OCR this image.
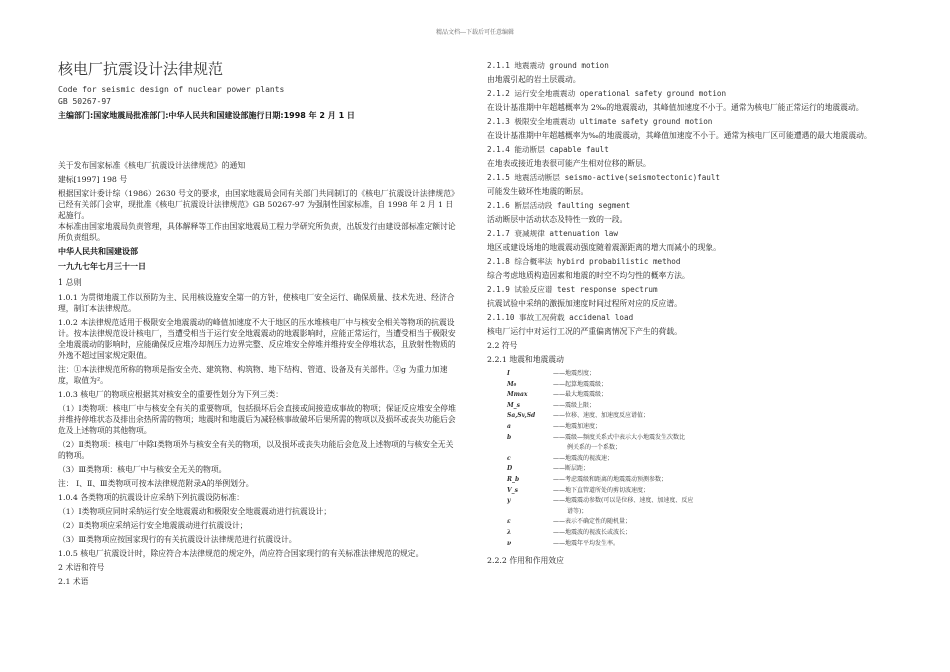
精品文档---下载后可任意编辑
核电厂抗震设计法律规范
Code for seismic design of nuclear power plants
GB 50267-97
主编部门:国家地震局批准部门:中华人民共和国建设部施行日期:1998 年 2 月 1 日

关于发布国家标准《核电厂抗震设计法律规范》的通知

建标[1997] 198 号

根据国家计委计综（1986）2630 号文的要求，由国家地震局会同有关部门共同制订的《核电厂抗震设计法律规范》已经有关部门会审，现批准《核电厂抗震设计法律规范》GB 50267-97 为强制性国家标准，自 1998 年 2 月 1 日起施行。

本标准由国家地震局负责管理，具体解释等工作由国家地震局工程力学研究所负责，出版发行由建设部标准定额讨论所负责组织。

中华人民共和国建设部
一九九七年七月三十一日

1 总则

1.0.1 为贯彻地震工作以预防为主、民用核设施安全第一的方针，使核电厂安全运行、确保质量、技术先进、经济合理，制订本法律规范。

1.0.2 本法律规范适用于极限安全地震震动的峰值加速度不大于地区的压水堆核电厂中与核安全相关等物项的抗震设计。按本法律规范设计核电厂，当遭受相当于运行安全地震震动的地震影响时，应能正常运行，当遭受相当于极限安全地震震动的影响时，应能确保反应堆冷却剂压力边界完整、反应堆安全停堆并维持安全停堆状态，且放射性物质的外逸不超过国家规定限值。

注：①本法律规范所称的物项是指安全壳、建筑物、构筑物、地下结构、管道、设备及有关部件。②g 为重力加速度，取值为²。

1.0.3 核电厂的物项应根据其对核安全的重要性划分为下列三类：

（1）Ⅰ类物项：核电厂中与核安全有关的重要物项，包括损坏后会直接或间接造成事故的物项；保证反应堆安全停堆并维持停堆状态及排出余热所需的物项；地震时和地震后为减轻核事故破坏后果所需的物项以及损坏或丧失功能后会危及上述物项的其他物项。

（2）Ⅱ类物项：核电厂中除Ⅰ类物项外与核安全有关的物项，以及损坏或丧失功能后会危及上述物项的与核安全无关的物项。

（3）Ⅲ类物项：核电厂中与核安全无关的物项。

注： Ⅰ、Ⅱ、Ⅲ类物项可按本法律规范附录A的举例划分。

1.0.4 各类物项的抗震设计应采纳下列抗震设防标准：

（1）Ⅰ类物项应同时采纳运行安全地震震动和极限安全地震震动进行抗震设计；

（2）Ⅱ类物项应采纳运行安全地震震动进行抗震设计；

（3）Ⅲ类物项应按国家现行的有关抗震设计法律规范进行抗震设计。

1.0.5 核电厂抗震设计时，除应符合本法律规范的规定外，尚应符合国家现行的有关标准法律规范的规定。

2 术语和符号

2.1 术语

2.1.1 地震震动 ground motion

由地震引起的岩土层震动。

2.1.2 运行安全地震震动 operational safety ground motion

在设计基准期中年超越概率为 2‰的地震震动，其峰值加速度不小于。通常为核电厂能正常运行的地震震动。

2.1.3 极限安全地震震动 ultimate safety ground motion

在设计基准期中年超越概率为‰的地震震动，其峰值加速度不小于。通常为核电厂区可能遭遇的最大地震震动。

2.1.4 能动断层 capable fault

在地表或接近地表很可能产生相对位移的断层。

2.1.5 地震活动断层 seismo-active(seismotectonic)fault

可能发生破坏性地震的断层。

2.1.6 断层活动段 faulting segment

活动断层中活动状态及特性一致的一段。

2.1.7 衰减规律 attenuation law

地区或建设场地的地震震动强度随着震源距离的增大而减小的现象。

2.1.8 综合概率法 hybird probabilistic method

综合考虑地质构造因素和地震的时空不均匀性的概率方法。

2.1.9 试验反应谱 test response spectrum

抗震试验中采纳的激振加速度时间过程所对应的反应谱。

2.1.10 事故工况荷载 accidenal load

核电厂运行中对运行工况的严重偏离情况下产生的荷载。

2.2 符号

2.2.1 地震和地震震动

I	——地震烈度；
M₀	——起算地震震级；
Mmax	——最大地震震级；
M_s	——震级上限；
Sa,Sv,Sd	——位移、速度、加速度反应谱值；
a	——地震加速度；
b	——震级—频度关系式中表示大小地震发生次数比
例关系的一个系数；
c	——地震波的视波速；
D	——断层距；
R_b	——考虑震级和距离的地震震动预测参数；
V_s	——地下直管道所处的剪切波速度；
y	——地震震动参数(可以是位移、速度、加速度、反应
谱等)；
ε	——表示不确定性的随机量；
λ	——地震波的视波长或波长；
ν	——地震年平均发生率。

2.2.2 作用和作用效应
